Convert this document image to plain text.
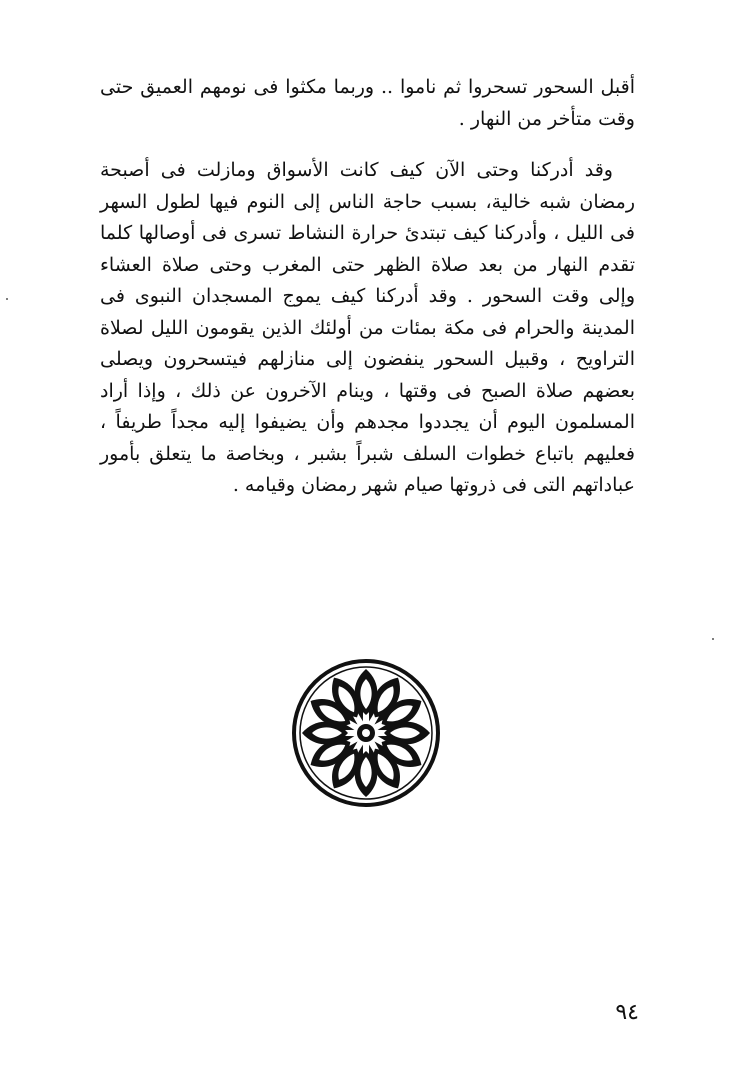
أقبل السحور تسحروا ثم ناموا .. وربما مكثوا فى نومهم العميق حتى وقت متأخر من النهار .

وقد أدركنا وحتى الآن كيف كانت الأسواق ومازلت فى أصبحة رمضان شبه خالية، بسبب حاجة الناس إلى النوم فيها لطول السهر فى الليل ، وأدركنا كيف تبتدئ حرارة النشاط تسرى فى أوصالها كلما تقدم النهار من بعد صلاة الظهر حتى المغرب وحتى صلاة العشاء وإلى وقت السحور . وقد أدركنا كيف يموج المسجدان النبوى فى المدينة والحرام فى مكة بمئات من أولئك الذين يقومون الليل لصلاة التراويح ، وقبيل السحور ينفضون إلى منازلهم فيتسحرون ويصلى بعضهم صلاة الصبح فى وقتها ، وينام الآخرون عن ذلك ، وإذا أراد المسلمون اليوم أن يجددوا مجدهم وأن يضيفوا إليه مجداً طريفاً ، فعليهم باتباع خطوات السلف شبراً بشبر ، وبخاصة ما يتعلق بأمور عباداتهم التى فى ذروتها صيام شهر رمضان وقيامه .

٩٤
